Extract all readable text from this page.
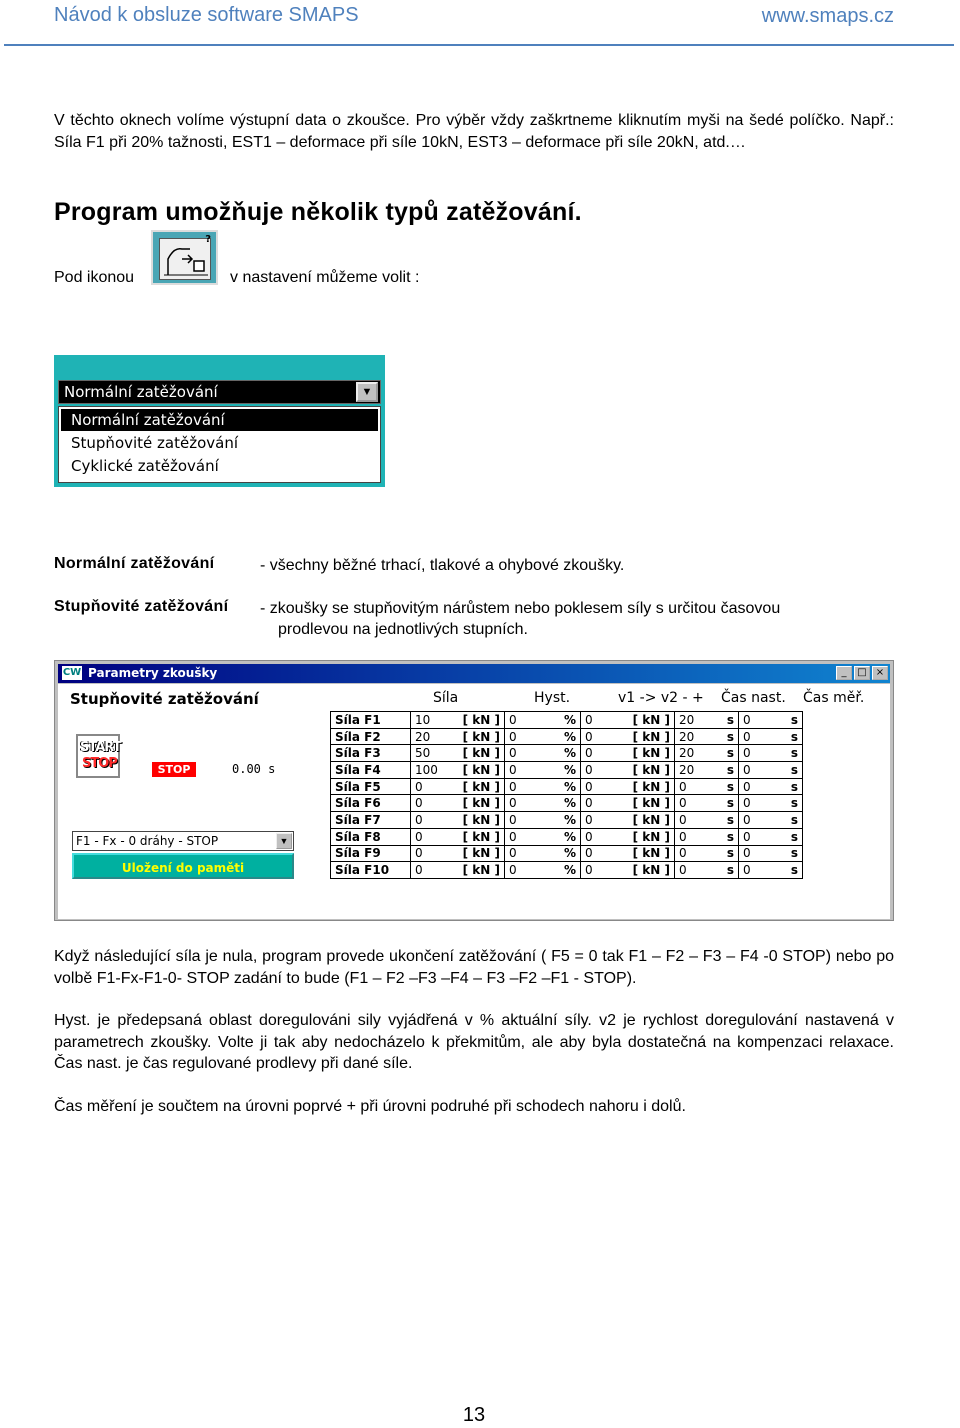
Návod k obsluze software SMAPS	www.smaps.cz
V těchto oknech volíme výstupní data o zkoušce. Pro výběr vždy zaškrtneme kliknutím myši na šedé políčko. Např.: Síla F1 při 20% tažnosti, EST1 – deformace při síle 10kN, EST3 – deformace při síle 20kN, atd.…
Program umožňuje několik typů zatěžování.
Pod ikonou
?
v nastavení můžeme volit :
Normální zatěžování	▼
Normální zatěžování
Stupňovité zatěžování
Cyklické zatěžování
Normální zatěžování	- všechny běžné trhací, tlakové a ohybové zkoušky.
Stupňovité zatěžování - zkoušky se stupňovitým nárůstem nebo poklesem síly s určitou časovou
prodlevou na jednotlivých stupních.
CW Parametry zkoušky	_	□ ×
Stupňovité zatěžování	Síla	Hyst.	v1 -> v2 - + Čas nast. Čas měř.
START
STOP	STOP	0.00 s
F1 - Fx - 0 dráhy - STOP	▼
Uložení do paměti
Síla F1	10	[ kN ]	0	%	0	[ kN ]	20	s	0	s
Síla F2	20	[ kN ]	0	%	0	[ kN ]	20	s	0	s
Síla F3	50	[ kN ]	0	%	0	[ kN ]	20	s	0	s
Síla F4	100	[ kN ]	0	%	0	[ kN ]	20	s	0	s
Síla F5	0	[ kN ]	0	%	0	[ kN ]	0	s	0	s
Síla F6	0	[ kN ]	0	%	0	[ kN ]	0	s	0	s
Síla F7	0	[ kN ]	0	%	0	[ kN ]	0	s	0	s
Síla F8	0	[ kN ]	0	%	0	[ kN ]	0	s	0	s
Síla F9	0	[ kN ]	0	%	0	[ kN ]	0	s	0	s
Síla F10	0	[ kN ]	0	%	0	[ kN ]	0	s	0	s
Když následující síla je nula, program provede ukončení zatěžování ( F5 = 0 tak F1 – F2 – F3 – F4 -0 STOP) nebo po volbě F1-Fx-F1-0- STOP zadání to bude (F1 – F2 –F3 –F4 – F3 –F2 –F1 - STOP).
Hyst. je předepsaná oblast doregulováni sily vyjádřená v % aktuální síly. v2 je rychlost doregulování nastavená v parametrech zkoušky. Volte ji tak aby nedocházelo k překmitům, ale aby byla dostatečná na kompenzaci relaxace. Čas nast. je čas regulované prodlevy při dané síle.
Čas měření je součtem na úrovni poprvé + při úrovni podruhé při schodech nahoru i dolů.
13
